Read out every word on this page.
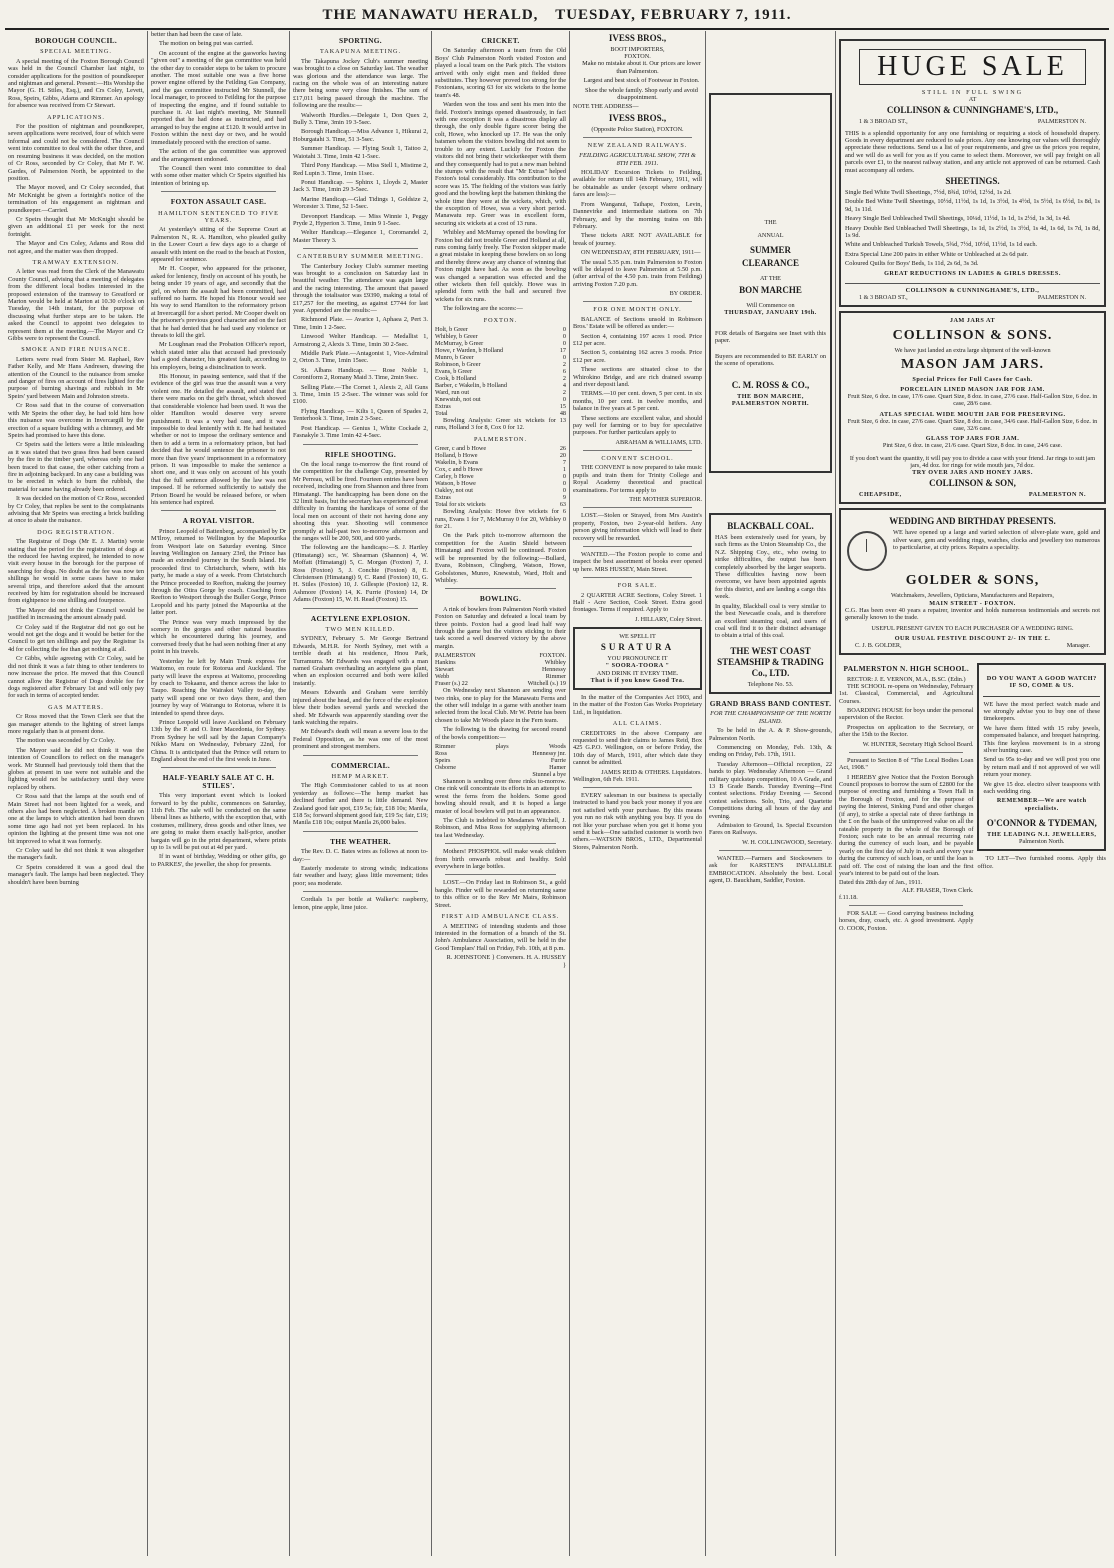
THE MANAWATU HERALD, TUESDAY, FEBRUARY 7, 1911.
BOROUGH COUNCIL.
SPECIAL MEETING.

A special meeting of the Foxton Borough Council was held in the Council Chamber last night, to consider applications for the position of poundkeeper and nightman and general. Present:—His Worship the Mayor (G. H. Stiles, Esq.), and Crs Coley, Levett, Ross, Speirs, Gibbs, Adams and Rimmer. An apology for absence was received from Cr Stewart.

APPLICATIONS.

For the position of nightman and poundkeeper, seven applications were received, four of which were informal and could not be considered. The Council went into committee to deal with the other three, and on resuming business it was decided, on the motion of Cr Ross, seconded by Cr Coley, that Mr F. W. Gardes, of Palmerston North, be appointed to the position.

The Mayor moved, and Cr Coley seconded, that Mr McKnight be given a fortnight's notice of the termination of his engagement as nightman and poundkeeper.—Carried.

Cr Speirs thought that Mr McKnight should be given an additional £1 per week for the next fortnight.

The Mayor and Crs Coley, Adams and Ross did not agree, and the matter was then dropped.

TRAMWAY EXTENSION.

A letter was read from the Clerk of the Manawatu County Council, advising that a meeting of delegates from the different local bodies interested in the proposed extension of the tramway to Greatford or Marton would be held at Marton at 10.30 o'clock on Tuesday, the 14th instant, for the purpose of discussing what further steps are to be taken. He asked the Council to appoint two delegates to represent them at the meeting.—The Mayor and Cr Gibbs were to represent the Council.

SMOKE AND FIRE NUISANCE.

Letters were read from Sister M. Raphael, Rev Father Kelly, and Mr Hans Andresen, drawing the attention of the Council to the nuisance from smoke and danger of fires on account of fires lighted for the purpose of burning shavings and rubbish in Mr Speirs' yard between Main and Johnston streets.

Cr Ross said that in the course of conversation with Mr Speirs the other day, he had told him how this nuisance was overcome in Invercargill by the erection of a square building with a chimney, and Mr Speirs had promised to have this done.

Cr Speirs said the letters were a little misleading as it was stated that two grass fires had been caused by the fire in the timber yard, whereas only one had been traced to that cause, the other catching from a fire in adjoining backyard. In any case a building was to be erected in which to burn the rubbish, the material for same having already been ordered.

It was decided on the motion of Cr Ross, seconded by Cr Coley, that replies be sent to the complainants advising that Mr Speirs was erecting a brick building at once to abate the nuisance.

DOG REGISTRATION.

The Registrar of Dogs (Mr E. J. Martin) wrote stating that the period for the registration of dogs at the reduced fee having expired, he intended to now visit every house in the borough for the purpose of searching for dogs. No doubt as the fee was now ten shillings he would in some cases have to make several trips, and therefore asked that the amount received by him for registration should be increased from eightpence to one shilling and fourpence.

The Mayor did not think the Council would be justified in increasing the amount already paid.

Cr Coley said if the Registrar did not go out he would not get the dogs and it would be better for the Council to get ten shillings and pay the Registrar 1s 4d for collecting the fee than get nothing at all.

Cr Gibbs, while agreeing with Cr Coley, said he did not think it was a fair thing to other tenderers to now increase the price. He moved that this Council cannot allow the Registrar of Dogs double fee for dogs registered after February 1st and will only pay for such in terms of accepted tender.

GAS MATTERS.

Cr Ross moved that the Town Clerk see that the gas manager attends to the lighting of street lamps more regularly than is at present done.

The motion was seconded by Cr Coley.

The Mayor said he did not think it was the intention of Councillors to reflect on the manager's work. Mr Stunnell had previously told them that the globes at present in use were not suitable and the lighting would not be satisfactory until they were replaced by others.

Cr Ross said that the lamps at the south end of Main Street had not been lighted for a week, and others also had been neglected. A broken mantle on one at the lamps to which attention had been drawn some time ago had not yet been replaced. In his opinion the lighting at the present time was not one bit improved to what it was formerly.

Cr Coley said he did not think it was altogether the manager's fault.

Cr Speirs considered it was a good deal the manager's fault. The lamps had been neglected. They shouldn't have been burning

better than had been the case of late.

The motion on being put was carried.

On account of the engine at the gasworks having "given out" a meeting of the gas committee was held the other day to consider steps to be taken to procure another. The most suitable one was a five horse power engine offered by the Feilding Gas Company, and the gas committee instructed Mr Stunnell, the local manager, to proceed to Feilding for the purpose of inspecting the engine, and if found suitable to purchase it. At last night's meeting, Mr Stunnell reported that he had done as instructed, and had arranged to buy the engine at £120. It would arrive in Foxton within the next day or two, and he would immediately proceed with the erection of same.

The action of the gas committee was approved and the arrangement endorsed.

The Council then went into committee to deal with some other matter which Cr Speirs signified his intention of brining up.

FOXTON ASSAULT CASE.
HAMILTON SENTENCED TO FIVE YEARS.

At yesterday's sitting of the Supreme Court at Palmerston N., R. A. Hamilton, who pleaded guilty in the Lower Court a few days ago to a charge of assault with intent on the road to the beach at Foxton, appeared for sentence.

Mr H. Cooper, who appeared for the prisoner, asked for leniency, firstly on account of his youth, he being under 19 years of age, and secondly that the girl, on whom the assault had been committed, had suffered no harm. He hoped his Honour would see his way to send Hamilton to the reformatory prison at Invercargill for a short period. Mr Cooper dwelt on the prisoner's previous good character and on the fact that he had denied that he had used any violence or threats to kill the girl.

Mr Loughnan read the Probation Officer's report, which stated inter alia that accused had previously had a good character, his greatest fault, according to his employers, being a disinclination to work.

His Honour, in passing sentence, said that if the evidence of the girl was true the assault was a very violent one. He detailed the assault, and stated that there were marks on the girl's throat, which showed that considerable violence had been used. It was the older Hamilton would deserve very severe punishment. It was a very bad case, and it was impossible to deal leniently with it. He had hesitated whether or not to impose the ordinary sentence and then to add a term in a reformatory prison, but had decided that he would sentence the prisoner to not more than five years' imprisonment in a reformatory prison. It was impossible to make the sentence a short one, and it was only on account of his youth that the full sentence allowed by the law was not imposed. If he reformed sufficiently to satisfy the Prison Board he would be released before, or when his sentence had expired.

A ROYAL VISITOR.

Prince Leopold of Battenberg, accompanied by Dr M'Ilroy, returned to Wellington by the Mapourika from Westport late on Saturday evening. Since leaving Wellington on January 23rd, the Prince has made an extended journey in the South Island. He proceeded first to Christchurch, where, with his party, he made a stay of a week. From Christchurch the Prince proceeded to Reefton, making the journey through the Otira Gorge by coach. Coaching from Reefton to Westport through the Buller Gorge, Prince Leopold and his party joined the Mapourika at the latter port.

The Prince was very much impressed by the scenery in the gorges and other natural beauties which he encountered during his journey, and conversed freely that he had seen nothing finer at any point in his travels.

Yesterday he left by Main Trunk express for Waitomo, en route for Rotorua and Auckland. The party will leave the express at Waitomo, proceeding by coach to Tokaanu, and thence across the lake to Taupo. Reaching the Wairakei Valley to-day, the party will spend one or two days there, and then journey by way of Wairangu to Rotorua, where it is intended to spend three days.

Prince Leopold will leave Auckland on February 13th by the P. and O. liner Macedonia, for Sydney. From Sydney he will sail by the Japan Company's Nikko Maru on Wednesday, February 22nd, for China. It is anticipated that the Prince will return to England about the end of the first week in June.

HALF-YEARLY SALE AT C. H. STILES'.

This very important event which is looked forward to by the public, commences on Saturday, 11th Feb. The sale will be conducted on the same liberal lines as hitherto, with the exception that, with costumes, millinery, dress goods and other lines, we are going to make them exactly half-price, another bargain will go in the print department, where prints up to 1s will be put out at 4d per yard.

If in want of birthday, Wedding or other gifts, go to PARKES', the jeweller, the shop for presents.

SPORTING.
TAKAPUNA MEETING.

The Takapuna Jockey Club's summer meeting was brought to a close on Saturday last. The weather was glorious and the attendance was large. The racing on the whole was of an interesting nature there being some very close finishes. The sum of £17,011 being passed through the machine. The following are the results:—

Walworth Hurdles.—Delegate 1, Don Quex 2, Bully 3. Time, 3min 19 3-5sec.

Borough Handicap.—Miss Advance 1, Hikurai 2, Hoburgatahi 3. Time, 51 3-5sec.

Summer Handicap. — Flying Soult 1, Taitoo 2, Waiotahi 3. Time, 1min 42 1-5sec.

Third Pony Handicap. — Miss Stell 1, Mistime 2, Red Lupin 3. Time, 1min 11sec.

Ponui Handicap. — Sphinx 1, Lloyds 2, Master Jack 3. Time, 1min 29 3-5sec.

Marine Handicap.—Glad Tidings 1, Goldsize 2, Worcester 3. Time, 52 1-5sec.

Devonport Handicap. — Miss Winnie 1, Peggy Pryde 2, Hyperion 3. Time, 1min 9 1-5sec.

Welter Handicap.—Elegance 1, Coromandel 2, Master Theory 3.

CANTERBURY SUMMER MEETING.

The Canterbury Jockey Club's summer meeting was brought to a conclusion on Saturday last in beautiful weather. The attendance was again large and the racing interesting. The amount that passed through the totalisator was £9390, making a total of £17,257 for the meeting, as against £7744 for last year. Appended are the results:—

Richmond Plate. — Avarice 1, Aphaea 2, Pert 3. Time, 1min 1 2-5sec.

Linwood Welter Handicap. — Medallist 1, Armstrong 2, Alexis 3. Time, 1min 30 2-5sec.

Middle Park Plate.—Antagonist 1, Vice-Admiral 2, Orton 3. Time, 1min 15sec.

St. Albans Handicap. — Rose Noble 1, Coroniform 2, Romany Maid 3. Time, 2min 9sec.

Selling Plate.—The Cornet 1, Alexis 2, All Guns 3. Time, 1min 15 2-5sec. The winner was sold for £100.

Flying Handicap. — Kilts 1, Queen of Spades 2, Tenterhook 3. Time, 1min 2 3-5sec.

Post Handicap. — Genius 1, White Cockade 2, Fasnakyle 3. Time 1min 42 4-5sec.

RIFLE SHOOTING.

On the local range to-morrow the first round of the competition for the challenge Cup, presented by Mr Perreau, will be fired. Fourteen entries have been received, including one from Shannon and three from Himatangi. The handicapping has been done on the 32 limit basis, but the secretary has experienced great difficulty in framing the handicaps of some of the local men on account of their not having done any shooting this year. Shooting will commence promptly at half-past two to-morrow afternoon and the ranges will be 200, 500, and 600 yards.

The following are the handicaps:—S. J. Hartley (Himatangi) scr., W. Shearman (Shannon) 4, W. Moffatt (Himatangi) 5, C. Morgan (Foxton) 7, J. Ross (Foxton) 5, J. Conchie (Foxton) 8, E. Christensen (Himatangi) 9, C. Rand (Foxton) 10, G. H. Stiles (Foxton) 10, J. Gillespie (Foxton) 12, R. Ashmore (Foxton) 14, K. Furrie (Foxton) 14, Dr Adams (Foxton) 15, W. H. Read (Foxton) 15.

ACETYLENE EXPLOSION.
TWO MEN KILLED.

SYDNEY, February 5. Mr George Bertrand Edwards, M.H.R. for North Sydney, met with a terrible death at his residence, Hnou Park, Turramurra. Mr Edwards was engaged with a man named Graham overhauling an acetylene gas plant, when an explosion occurred and both were killed instantly.

Messrs Edwards and Graham were terribly injured about the head, and the force of the explosion blew their bodies several yards and wrecked the shed. Mr Edwards was apparently standing over the tank watching the repairs.

Mr Edward's death will mean a severe loss to the Federal Opposition, as he was one of the most prominent and strongest members.

COMMERCIAL.
HEMP MARKET.

The High Commissioner cabled to us at noon yesterday as follows:—The hemp market has declined further and there is little demand. New Zealand good fair spot, £19 5s; fair, £18 10s; Manila, £18 5s; forward shipment good fair, £19 5s; fair, £19; Manila £18 10s; output Manila 26,000 bales.

THE WEATHER.

The Rev. D. C. Bates wires as follows at noon to-day:—

Easterly moderate to strong winds; indications fair weather and hazy; glass little movement; tides poor; sea moderate.

Cordials 1s per bottle at Walker's: raspberry, lemon, pine apple, lime juice.

CRICKET.

On Saturday afternoon a team from the Old Boys' Club Palmerston North visited Foxton and played a local team on the Park pitch. The visitors arrived with only eight men and fielded three substitutes. They however proved too strong for the Foxtonians, scoring 63 for six wickets to the home team's 48.

Warden won the toss and sent his men into the field. Foxton's innings opened disastrously, in fact with one exception it was a disastrous display all through, the only double figure scorer being the colt, Howe, who knocked up 17. He was the only batsmen whom the visitors bowling did not seem to trouble to any extent. Luckily for Foxton the visitors did not bring their wicketkeeper with them and they consequently had to put a new man behind the stumps with the result that "Mr Extras" helped Foxton's total considerably. His contribution to the score was 15. The fielding of the visitors was fairly good and the bowling kept the batsmen thinking the whole time they were at the wickets, which, with the exception of Howe, was a very short period. Manawatu rep. Greer was in excellent form, securing six wickets at a cost of 13 runs.

Whibley and McMurray opened the bowling for Foxton but did not trouble Greer and Holland at all, runs coming fairly freely. The Foxton skipper made a great mistake in keeping these bowlers on so long and thereby threw away any chance of winning that Foxton might have had. As soon as the bowling was changed a separation was effected and the other wickets then fell quickly. Howe was in splendid form with the ball and secured five wickets for six runs.

The following are the scores:—

FOXTON.
Holt, b Greer	0
Whibley, b Greer	0
McMurray, b Greer	0
Howe, r Warden, b Holland	17
Munro, b Greer	0
Robinson, b Greer	2
Evans, b Greer	6
Cook, b Holland	2
Barber, c Wakelin, b Holland	4
Ward, run out	2
Knewstub, not out	0
Extras	15
Total	48

Bowling Analysis: Greer six wickets for 13 runs, Holland 3 for 8, Cox 0 for 12.

PALMERSTON.
Greer, c and b Howe	26
Holland, b Howe	20
Wakelin, b Evans	7
Cox, c and b Howe	1
Carley, b Howe	0
Watson, b Howe	0
Oakley, not out	0
Extras	9
Total for six wickets	63

Bowling Analysis: Howe five wickets for 6 runs, Evans 1 for 7, McMurray 0 for 20, Whibley 0 for 21.

On the Park pitch to-morrow afternoon the competition for the Austin Shield between Himatangi and Foxton will be continued. Foxton will be represented by the following:—Bullard, Evans, Robinson, Clingberg, Watson, Howe, Gobolstones, Munro, Knewstub, Ward, Holt and Whibley.

BOWLING.

A rink of bowlers from Palmerston North visited Foxton on Saturday and defeated a local team by three points. Foxton had a good lead half way through the game but the visitors sticking to their task scored a well deserved victory by the above margin.

PALMERSTON	FOXTON.
Hankins	Whibley
Stewart	Hennessy
Webb	Rimmer
Fraser (s.) 22	Witchell (s.) 19

On Wednesday next Shannon are sending over two rinks, one to play for the Manawatu Ferns and the other will indulge in a game with another team selected from the local Club. Mr W. Petrie has been chosen to take Mr Woods place in the Fern team.

The following is the drawing for second round of the bowls competition:—

Rimmer	plays	Woods
Ross	Hennessy jnr.
Speirs	Furrie
Osborne	Hamer
Stunnel a bye

Shannon is sending over three rinks to-morrow. One rink will concentrate its efforts in an attempt to wrest the ferns from the holders. Some good bowling should result, and it is hoped a large muster of local bowlers will put in an appearance.

The Club is indebted to Mesdames Witchell, J. Robinson, and Miss Ross for supplying afternoon tea last Wednesday.

Mothers! PHOSPHOL will make weak children from birth onwards robust and healthy. Sold everywhere in large bottles.

LOST.—On Friday last in Robinson St., a gold bangle. Finder will be rewarded on returning same to this office or to the Rev Mr Mairs, Robinson Street.

FIRST AID AMBULANCE CLASS.

A MEETING of intending students and those interested in the formation of a branch of the St. John's Ambulance Association, will be held in the Good Templars' Hall on Friday, Feb. 10th, at 8 p.m.

R. JOHNSTONE } Conveners. H. A. HUSSEY }

IVESS BROS.,
BOOT IMPORTERS,
FOXTON.

Make no mistake about it. Our prices are lower than Palmerston.

Largest and best stock of Footwear in Foxton.

Shoe the whole family. Shop early and avoid disappointment.

NOTE THE ADDRESS—
IVESS BROS.,
(Opposite Police Station), FOXTON.
NEW ZEALAND RAILWAYS.
FEILDING AGRICULTURAL SHOW, 7TH & 8TH FEB. 1911.

HOLIDAY Excursion Tickets to Feilding, available for return till 14th February, 1911, will be obtainable as under (except where ordinary fares are less):—

From Wanganui, Taihape, Foxton, Levin, Dannevirke and intermediate stations on 7th February, and by the morning trains on 8th February.

These tickets ARE NOT AVAILABLE for break of journey.

ON WEDNESDAY, 8TH FEBRUARY, 1911—

The usual 5.35 p.m. train Palmerston to Foxton will be delayed to leave Palmerston at 5.50 p.m. (after arrival of the 4.50 p.m. train from Feilding) arriving Foxton 7.20 p.m.

BY ORDER.
FOR ONE MONTH ONLY.

BALANCE of Sections unsold in Robinson Bros.' Estate will be offered as under:—

Section 4, containing 197 acres 1 rood. Price £12 per acre.

Section 5, containing 162 acres 3 roods. Price £12 per acre.

These sections are situated close to the Whirokino Bridge, and are rich drained swamp and river deposit land.

TERMS.—10 per cent. down, 5 per cent. in six months, 10 per cent. in twelve months, and balance in five years at 5 per cent.

These sections are excellent value, and should pay well for farming or to buy for speculative purposes. For further particulars apply to

ABRAHAM & WILLIAMS, LTD.
CONVENT SCHOOL.

THE CONVENT is now prepared to take music pupils and train them for Trinity College and Royal Academy theoretical and practical examinations. For terms apply to

THE MOTHER SUPERIOR.

LOST.—Stolen or Strayed, from Mrs Austin's property, Foxton, two 2-year-old heifers. Any person giving information which will lead to their recovery will be rewarded.

WANTED.—The Foxton people to come and inspect the best assortment of books ever opened up here. MRS HUSSEY, Main Street.

FOR SALE.

2 QUARTER ACRE Sections, Coley Street. 1 Half - Acre Section, Cook Street. Extra good frontages. Terms if required. Apply to

J. HILLARY, Coley Street.
WE SPELL IT
SURATURA
YOU PRONOUNCE IT
" SOORA-TOORA "
AND DRINK IT EVERY TIME.
That is if you know Good Tea.

In the matter of the Companies Act 1903, and in the matter of the Foxton Gas Works Proprietary Ltd., in liquidation.

ALL CLAIMS.

CREDITORS in the above Company are requested to send their claims to James Reid, Box 425 G.P.O. Wellington, on or before Friday, the 10th day of March, 1911, after which date they cannot be admitted.

JAMES REID & OTHERS. Liquidators.
Wellington, 6th Feb. 1911.

EVERY salesman in our business is specially instructed to hand you back your money if you are not satisfied with your purchase. By this means you run no risk with anything you buy. If you do not like your purchase when you get it home you send it back—One satisfied customer is worth two others.—WATSON BROS., LTD., Departmental Stores, Palmerston North.

THE
ANNUAL
SUMMER
CLEARANCE
AT THE
BON MARCHE
Will Commence on
THURSDAY, JANUARY 19th.

FOR details of Bargains see Inset with this paper.

Buyers are recommended to BE EARLY on the scene of operations.

C. M. ROSS & CO.,
THE BON MARCHE,
PALMERSTON NORTH.
BLACKBALL COAL.

HAS been extensively used for years, by such firms as the Union Steamship Co., the N.Z. Shipping Coy., etc., who owing to strike difficulties, the output has been completely absorbed by the larger seaports. These difficulties having now been overcome, we have been appointed agents for this district, and are landing a cargo this week.

In quality, Blackball coal is very similar to the best Newcastle coals, and is therefore an excellent steaming coal, and users of coal will find it to their distinct advantage to obtain a trial of this coal.

THE WEST COAST STEAMSHIP & TRADING Co., LTD.
Telephone No. 53.
GRAND BRASS BAND CONTEST.
FOR THE CHAMPIONSHIP OF THE NORTH ISLAND.

To be held in the A. & P. Show-grounds, Palmerston North.

Commencing on Monday, Feb. 13th, & ending on Friday, Feb. 17th, 1911.

Tuesday Afternoon—Official reception, 22 bands to play. Wednesday Afternoon — Grand military quickstep competition, 10 A Grade, and 13 B Grade Bands. Tuesday Evening—First contest selections. Friday Evening — Second contest selections. Solo, Trio, and Quartette Competitions during all hours of the day and evening.

Admission to Ground, 1s. Special Excursion Fares on Railways.

W. H. COLLINGWOOD, Secretary.

WANTED.—Farmers and Stockowners to ask for KARSTEN'S INFALLIBLE EMBROCATION. Absolutely the best. Local agent, D. Bauckham, Saddler, Foxton.

HUGE SALE
STILL IN FULL SWING
AT
COLLINSON & CUNNINGHAME'S, LTD.,
1 & 3 BROAD ST.,	PALMERSTON N.

THIS is a splendid opportunity for any one furnishing or requiring a stock of household drapery. Goods in every department are reduced to sale prices. Any one knowing our values will thoroughly appreciate these reductions. Send us a list of your requirements, and give us the prices you require, and we will do as well for you as if you came to select them. Moreover, we will pay freight on all parcels over £1, to the nearest railway station, and any article not approved of can be returned. Cash must accompany all orders.

SHEETINGS.

Single Bed White Twill Sheetings, 7½d, 8¾d, 10½d, 12½d, 1s 2d.

Double Bed White Twill Sheetings, 10½d, 11½d, 1s 1d, 1s 3½d, 1s 4½d, 1s 5½d, 1s 6½d, 1s 8d, 1s 9d, 1s 11d.

Heavy Single Bed Unbleached Twill Sheetings, 10¼d, 11½d, 1s 1d, 1s 2½d, 1s 3d, 1s 4d.

Heavy Double Bed Unbleached Twill Sheetings, 1s 1d, 1s 2½d, 1s 3½d, 1s 4d, 1s 6d, 1s 7d, 1s 8d, 1s 9d.

White and Unbleached Turkish Towels, 5¾d, 7½d, 10½d, 11½d, 1s 1d each.

Extra Special Line 200 pairs in either White or Unbleached at 2s 6d pair.

Coloured Quilts for Boys' Beds, 1s 11d, 2s 6d, 3s 3d.

GREAT REDUCTIONS IN LADIES & GIRLS DRESSES.
COLLINSON & CUNNINGHAME'S, LTD.,
1 & 3 BROAD ST.,	PALMERSTON N.
JAM JARS AT
COLLINSON & SONS.
We have just landed an extra large shipment of the well-known
MASON JAM JARS.
Special Prices for Full Cases for Cash.
PORCELAIN LINED MASON JAR FOR JAM.
Fruit Size, 6 doz. in case, 17/6 case. Quart Size, 8 doz. in case, 27/6 case. Half-Gallon Size, 6 doz. in case, 28/6 case.
ATLAS SPECIAL WIDE MOUTH JAR FOR PRESERVING.
Fruit Size, 6 doz. in case, 27/6 case. Quart Size, 8 doz. in case, 34/6 case. Half-Gallon Size, 6 doz. in case, 32/6 case.
GLASS TOP JARS FOR JAM.
Pint Size, 6 doz. in case, 21/6 case. Quart Size, 8 doz. in case, 24/6 case.
If you don't want the quantity, it will pay you to divide a case with your friend. Jar rings to suit jam jars, 4d doz. for rings for wide mouth jars, 7d doz.
TRY OVER JARS AND HONEY JARS.
COLLINSON & SON,
CHEAPSIDE,	PALMERSTON N.
WEDDING AND BIRTHDAY PRESENTS.

WE have opened up a large and varied selection of silver-plate ware, gold and silver ware, gem and wedding rings, watches, clocks and jewellery too numerous to particularise, at city prices. Repairs a speciality.

GOLDER & SONS,
Watchmakers, Jewellers, Opticians, Manufacturers and Repairers,
MAIN STREET - FOXTON.

C.G. Has been over 40 years a repairer, inventor and holds numerous testimonials and secrets not generally known to the trade.

USEFUL PRESENT GIVEN TO EACH PURCHASER OF A WEDDING RING.
OUR USUAL FESTIVE DISCOUNT 2/- IN THE £.
C. J. B. GOLDER,	Manager.
PALMERSTON N. HIGH SCHOOL.
RECTOR: J. E. VERNON, M.A., B.SC. (Edin.)

THE SCHOOL re-opens on Wednesday, February 1st. Classical, Commercial, and Agricultural Courses.

BOARDING HOUSE for boys under the personal supervision of the Rector.

Prospectus on application to the Secretary, or after the 15th to the Rector.

W. HUNTER, Secretary High School Board.

Pursuant to Section 8 of "The Local Bodies Loan Act, 1908."

I HEREBY give Notice that the Foxton Borough Council proposes to borrow the sum of £2800 for the purpose of erecting and furnishing a Town Hall in the Borough of Foxton, and for the purpose of paying the Interest, Sinking Fund and other charges (if any), to strike a special rate of three farthings in the £ on the basis of the unimproved value on all the rateable property in the whole of the Borough of Foxton; such rate to be an annual recurring rate during the currency of such loan, and be payable yearly on the first day of July in each and every year during the currency of such loan, or until the loan is paid off. The cost of raising the loan and the first year's interest to be paid out of the loan.

Dated this 28th day of Jan., 1911.
ALF. FRASER, Town Clerk.
f.11.18.

FOR SALE — Good carrying business including horses, dray, coach, etc. A good investment. Apply O. COOK, Foxton.

DO YOU WANT A GOOD WATCH? IF SO, COME & US.

WE have the most perfect watch made and we strongly advise you to buy one of these timekeepers.

We have them fitted with 15 ruby jewels, compensated balance, and brequet hairspring. This fine keyless movement is in a strong silver hunting case.

Send us 95s to-day and we will post you one by return mail and if not approved of we will return your money.

We give 15 doz. electro silver teaspoons with each wedding ring.

REMEMBER—We are watch specialists.
O'CONNOR & TYDEMAN,
THE LEADING N.I. JEWELLERS,
Palmerston North.

TO LET—Two furnished rooms. Apply this office.
